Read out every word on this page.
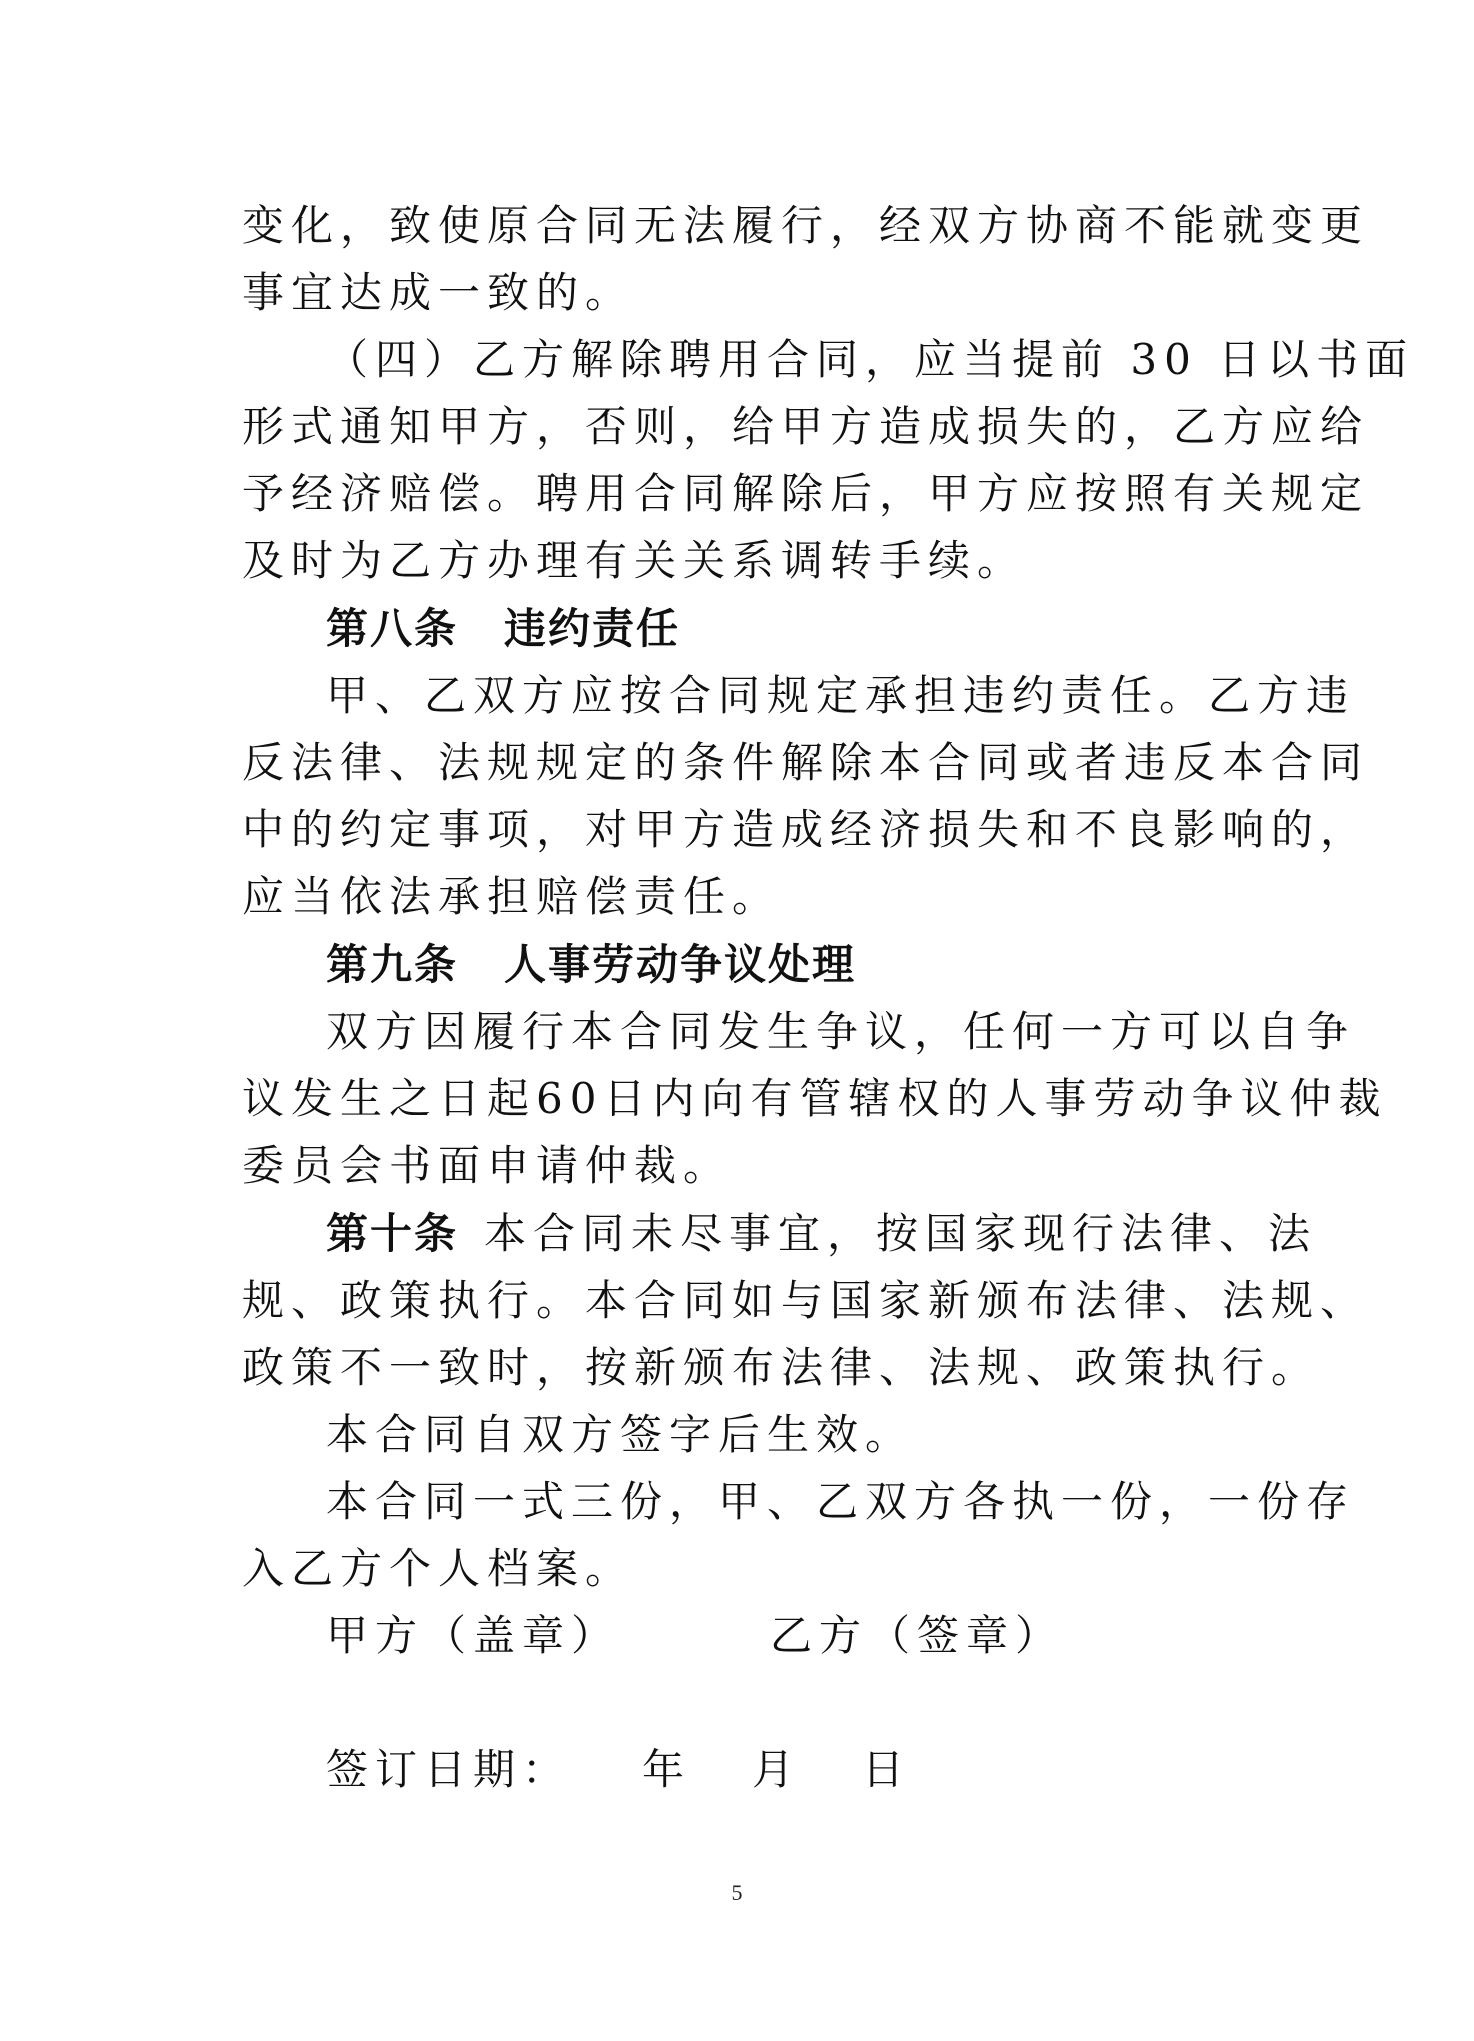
变化，致使原合同无法履行，经双方协商不能就变更
事宜达成一致的。
（四）乙方解除聘用合同，应当提前 30 日以书面
形式通知甲方，否则，给甲方造成损失的，乙方应给
予经济赔偿。聘用合同解除后，甲方应按照有关规定
及时为乙方办理有关关系调转手续。
第八条 违约责任
甲、乙双方应按合同规定承担违约责任。乙方违
反法律、法规规定的条件解除本合同或者违反本合同
中的约定事项，对甲方造成经济损失和不良影响的，
应当依法承担赔偿责任。
第九条 人事劳动争议处理
双方因履行本合同发生争议，任何一方可以自争
议发生之日起60日内向有管辖权的人事劳动争议仲裁
委员会书面申请仲裁。
第十条 本合同未尽事宜，按国家现行法律、法
规、政策执行。本合同如与国家新颁布法律、法规、
政策不一致时，按新颁布法律、法规、政策执行。
本合同自双方签字后生效。
本合同一式三份，甲、乙双方各执一份，一份存
入乙方个人档案。
甲方（盖章）	乙方（签章）
签订日期： 年 月 日
5
